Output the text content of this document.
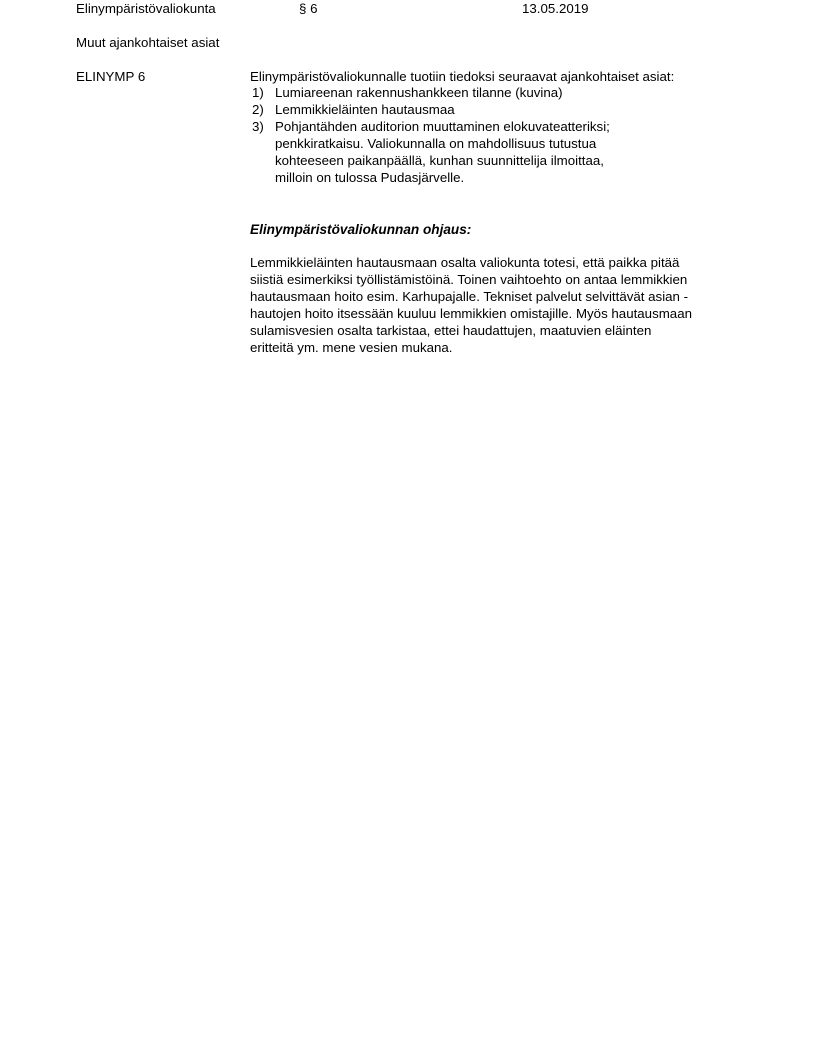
Elinympäristövaliokunta	§ 6	13.05.2019
Muut ajankohtaiset asiat
ELINYMP 6	Elinympäristövaliokunnalle tuotiin tiedoksi seuraavat ajankohtaiset asiat:
1) Lumiareenan rakennushankkeen tilanne (kuvina)
2) Lemmikkieläinten hautausmaa
3) Pohjantähden auditorion muuttaminen elokuvateatteriksi;
penkkiratkaisu. Valiokunnalla on mahdollisuus tutustua
kohteeseen paikanpäällä, kunhan suunnittelija ilmoittaa,
milloin on tulossa Pudasjärvelle.
Elinympäristövaliokunnan ohjaus:
Lemmikkieläinten hautausmaan osalta valiokunta totesi, että paikka pitää
siistiä esimerkiksi työllistämistöinä. Toinen vaihtoehto on antaa lemmikkien
hautausmaan hoito esim. Karhupajalle. Tekniset palvelut selvittävät asian -
hautojen hoito itsessään kuuluu lemmikkien omistajille. Myös hautausmaan
sulamisvesien osalta tarkistaa, ettei haudattujen, maatuvien eläinten
eritteitä ym. mene vesien mukana.
